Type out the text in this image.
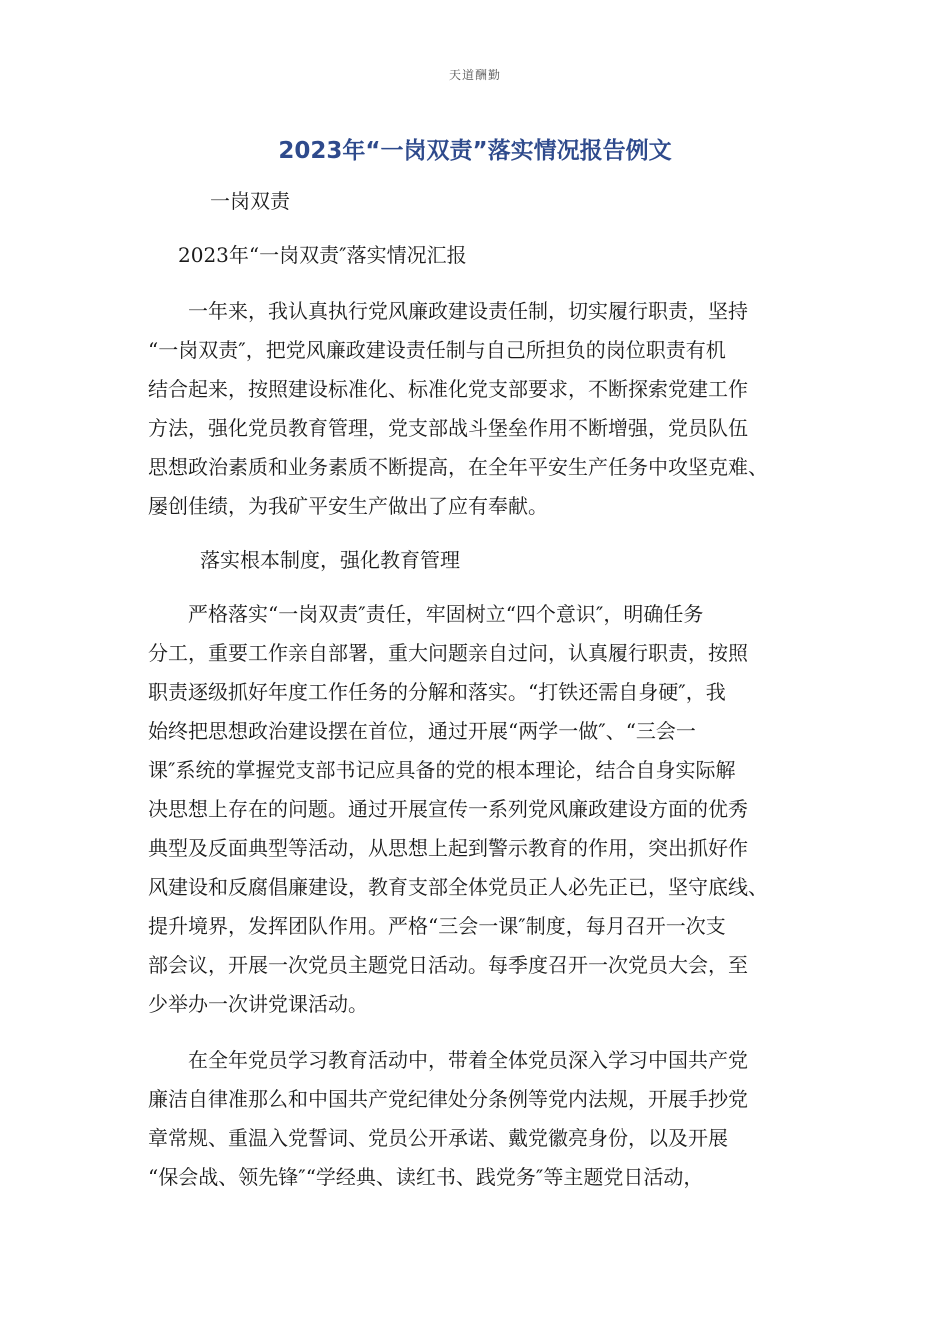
天道酬勤
2023年“一岗双责”落实情况报告例文
一岗双责
2023年“一岗双责″落实情况汇报
　　一年来，我认真执行党风廉政建设责任制，切实履行职责，坚持
“一岗双责″，把党风廉政建设责任制与自己所担负的岗位职责有机
结合起来，按照建设标准化、标准化党支部要求，不断探索党建工作
方法，强化党员教育管理，党支部战斗堡垒作用不断增强，党员队伍
思想政治素质和业务素质不断提高，在全年平安生产任务中攻坚克难、
屡创佳绩，为我矿平安生产做出了应有奉献。
落实根本制度，强化教育管理
　　严格落实“一岗双责″责任，牢固树立“四个意识″，明确任务
分工，重要工作亲自部署，重大问题亲自过问，认真履行职责，按照
职责逐级抓好年度工作任务的分解和落实。“打铁还需自身硬″，我
始终把思想政治建设摆在首位，通过开展“两学一做″、“三会一
课″系统的掌握党支部书记应具备的党的根本理论，结合自身实际解
决思想上存在的问题。通过开展宣传一系列党风廉政建设方面的优秀
典型及反面典型等活动，从思想上起到警示教育的作用，突出抓好作
风建设和反腐倡廉建设，教育支部全体党员正人必先正已，坚守底线、
提升境界，发挥团队作用。严格“三会一课″制度，每月召开一次支
部会议，开展一次党员主题党日活动。每季度召开一次党员大会，至
少举办一次讲党课活动。
　　在全年党员学习教育活动中，带着全体党员深入学习中国共产党
廉洁自律准那么和中国共产党纪律处分条例等党内法规，开展手抄党
章常规、重温入党誓词、党员公开承诺、戴党徽亮身份，以及开展
“保会战、领先锋″“学经典、读红书、践党务″等主题党日活动，
